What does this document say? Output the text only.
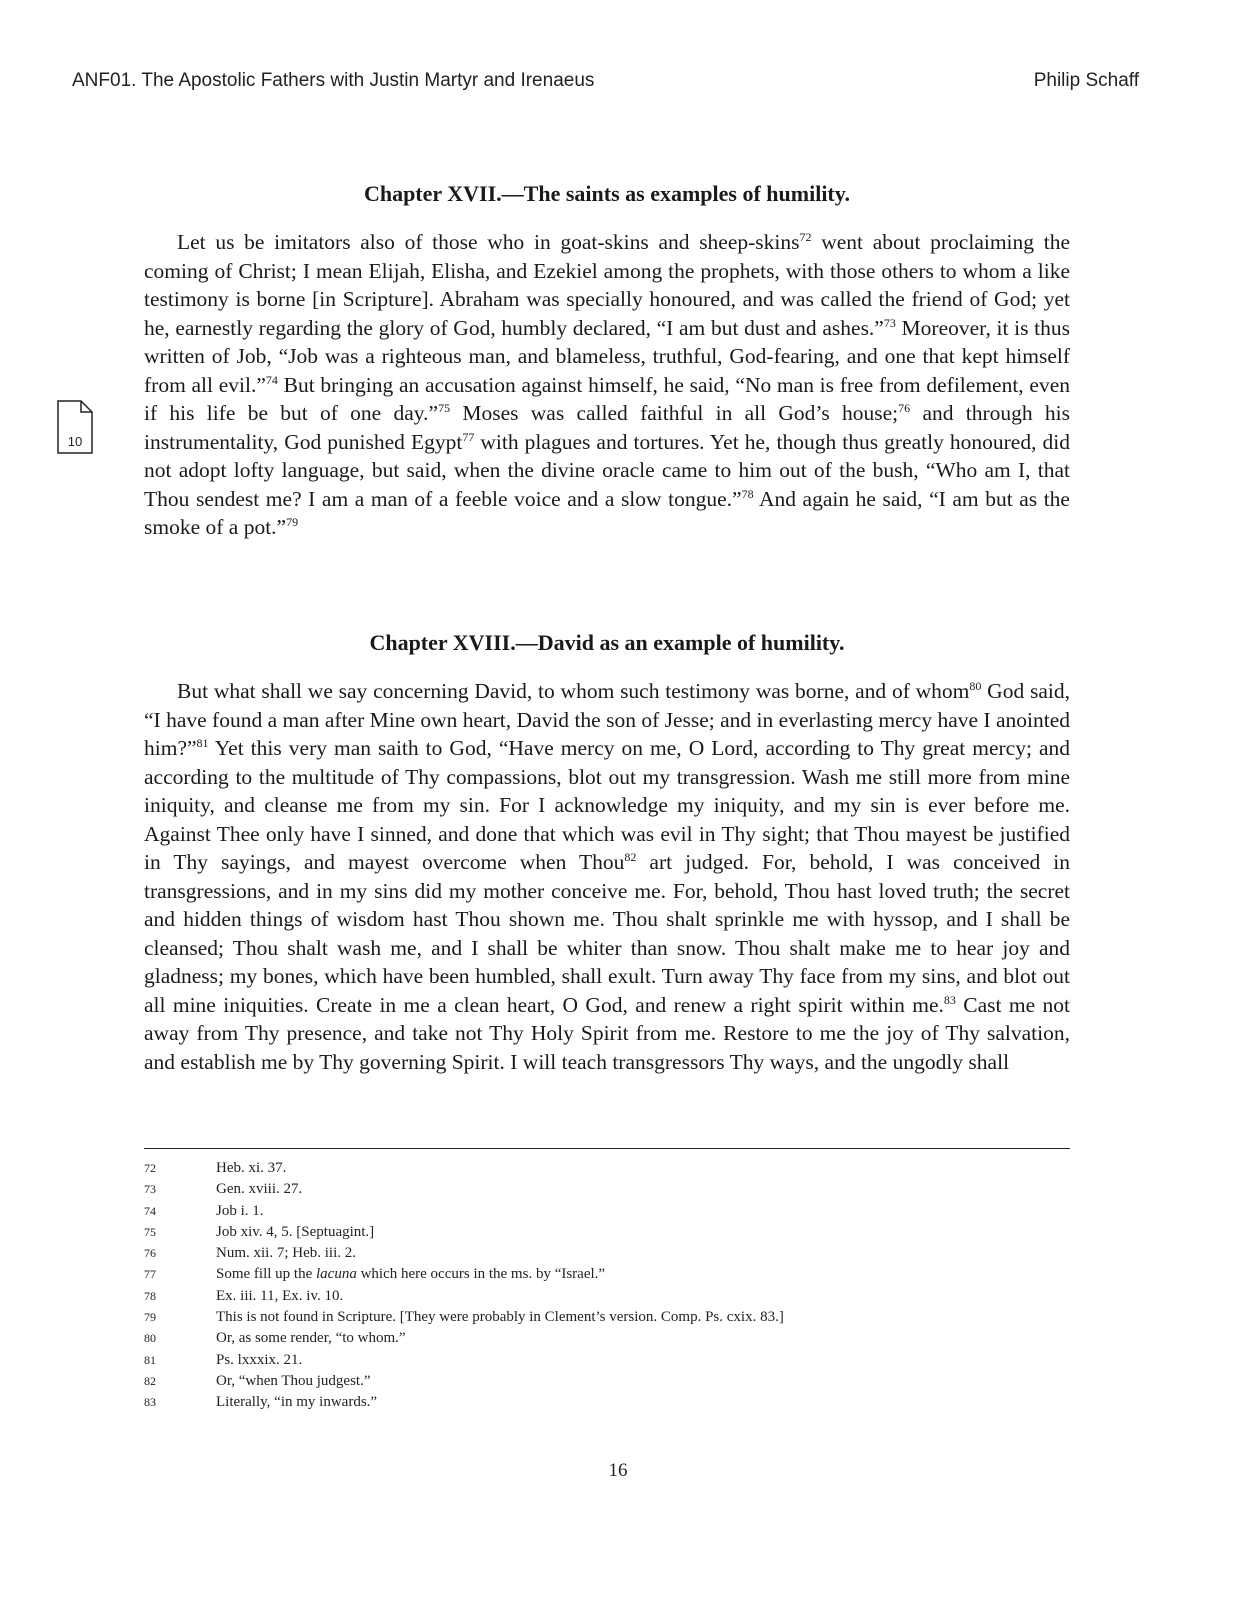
ANF01. The Apostolic Fathers with Justin Martyr and Irenaeus	Philip Schaff
Chapter XVII.—The saints as examples of humility.

Let us be imitators also of those who in goat-skins and sheep-skins$^{72}$ went about proclaiming the coming of Christ; I mean Elijah, Elisha, and Ezekiel among the prophets, with those others to whom a like testimony is borne [in Scripture]. Abraham was specially honoured, and was called the friend of God; yet he, earnestly regarding the glory of God, humbly declared, “I am but dust and ashes.”$^{73}$ Moreover, it is thus written of Job, “Job was a righteous man, and blameless, truthful, God-fearing, and one that kept himself from all evil.”$^{74}$ But bringing an accusation against himself, he said, “No man is free from defilement, even if his life be but of one day.”$^{75}$ Moses was called faithful in all God’s house;$^{76}$ and through his instrumentality, God punished Egypt$^{77}$ with plagues and tortures. Yet he, though thus greatly honoured, did not adopt lofty language, but said, when the divine oracle came to him out of the bush, “Who am I, that Thou sendest me? I am a man of a feeble voice and a slow tongue.”$^{78}$ And again he said, “I am but as the smoke of a pot.”$^{79}$

10
Chapter XVIII.—David as an example of humility.

But what shall we say concerning David, to whom such testimony was borne, and of whom$^{80}$ God said, “I have found a man after Mine own heart, David the son of Jesse; and in everlasting mercy have I anointed him?”$^{81}$ Yet this very man saith to God, “Have mercy on me, O Lord, according to Thy great mercy; and according to the multitude of Thy compassions, blot out my transgression. Wash me still more from mine iniquity, and cleanse me from my sin. For I acknowledge my iniquity, and my sin is ever before me. Against Thee only have I sinned, and done that which was evil in Thy sight; that Thou mayest be justified in Thy sayings, and mayest overcome when Thou$^{82}$ art judged. For, behold, I was conceived in transgressions, and in my sins did my mother conceive me. For, behold, Thou hast loved truth; the secret and hidden things of wisdom hast Thou shown me. Thou shalt sprinkle me with hyssop, and I shall be cleansed; Thou shalt wash me, and I shall be whiter than snow. Thou shalt make me to hear joy and gladness; my bones, which have been humbled, shall exult. Turn away Thy face from my sins, and blot out all mine iniquities. Create in me a clean heart, O God, and renew a right spirit within me.$^{83}$ Cast me not away from Thy presence, and take not Thy Holy Spirit from me. Restore to me the joy of Thy salvation, and establish me by Thy governing Spirit. I will teach transgressors Thy ways, and the ungodly shall

72	Heb. xi. 37.
73	Gen. xviii. 27.
74	Job i. 1.
75	Job xiv. 4, 5. [Septuagint.]
76	Num. xii. 7; Heb. iii. 2.
77	Some fill up the lacuna which here occurs in the ms. by “Israel.”
78	Ex. iii. 11, Ex. iv. 10.
79	This is not found in Scripture. [They were probably in Clement’s version. Comp. Ps. cxix. 83.]
80	Or, as some render, “to whom.”
81	Ps. lxxxix. 21.
82	Or, “when Thou judgest.”
83	Literally, “in my inwards.”
16
